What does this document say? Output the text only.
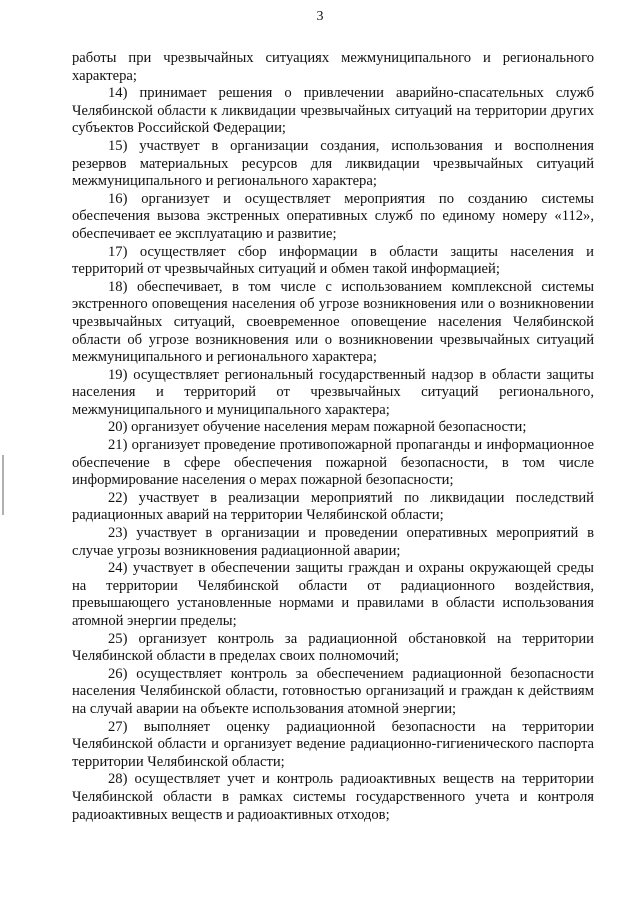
3

работы при чрезвычайных ситуациях межмуниципального и регионального характера;

14) принимает решения о привлечении аварийно-спасательных служб Челябинской области к ликвидации чрезвычайных ситуаций на территории других субъектов Российской Федерации;

15) участвует в организации создания, использования и восполнения резервов материальных ресурсов для ликвидации чрезвычайных ситуаций межмуниципального и регионального характера;

16) организует и осуществляет мероприятия по созданию системы обеспечения вызова экстренных оперативных служб по единому номеру «112», обеспечивает ее эксплуатацию и развитие;

17) осуществляет сбор информации в области защиты населения и территорий от чрезвычайных ситуаций и обмен такой информацией;

18) обеспечивает, в том числе с использованием комплексной системы экстренного оповещения населения об угрозе возникновения или о возникновении чрезвычайных ситуаций, своевременное оповещение населения Челябинской области об угрозе возникновения или о возникновении чрезвычайных ситуаций межмуниципального и регионального характера;

19) осуществляет региональный государственный надзор в области защиты населения и территорий от чрезвычайных ситуаций регионального, межмуниципального и муниципального характера;

20) организует обучение населения мерам пожарной безопасности;

21) организует проведение противопожарной пропаганды и информационное обеспечение в сфере обеспечения пожарной безопасности, в том числе информирование населения о мерах пожарной безопасности;

22) участвует в реализации мероприятий по ликвидации последствий радиационных аварий на территории Челябинской области;

23) участвует в организации и проведении оперативных мероприятий в случае угрозы возникновения радиационной аварии;

24) участвует в обеспечении защиты граждан и охраны окружающей среды на территории Челябинской области от радиационного воздействия, превышающего установленные нормами и правилами в области использования атомной энергии пределы;

25) организует контроль за радиационной обстановкой на территории Челябинской области в пределах своих полномочий;

26) осуществляет контроль за обеспечением радиационной безопасности населения Челябинской области, готовностью организаций и граждан к действиям на случай аварии на объекте использования атомной энергии;

27) выполняет оценку радиационной безопасности на территории Челябинской области и организует ведение радиационно-гигиенического паспорта территории Челябинской области;

28) осуществляет учет и контроль радиоактивных веществ на территории Челябинской области в рамках системы государственного учета и контроля радиоактивных веществ и радиоактивных отходов;
